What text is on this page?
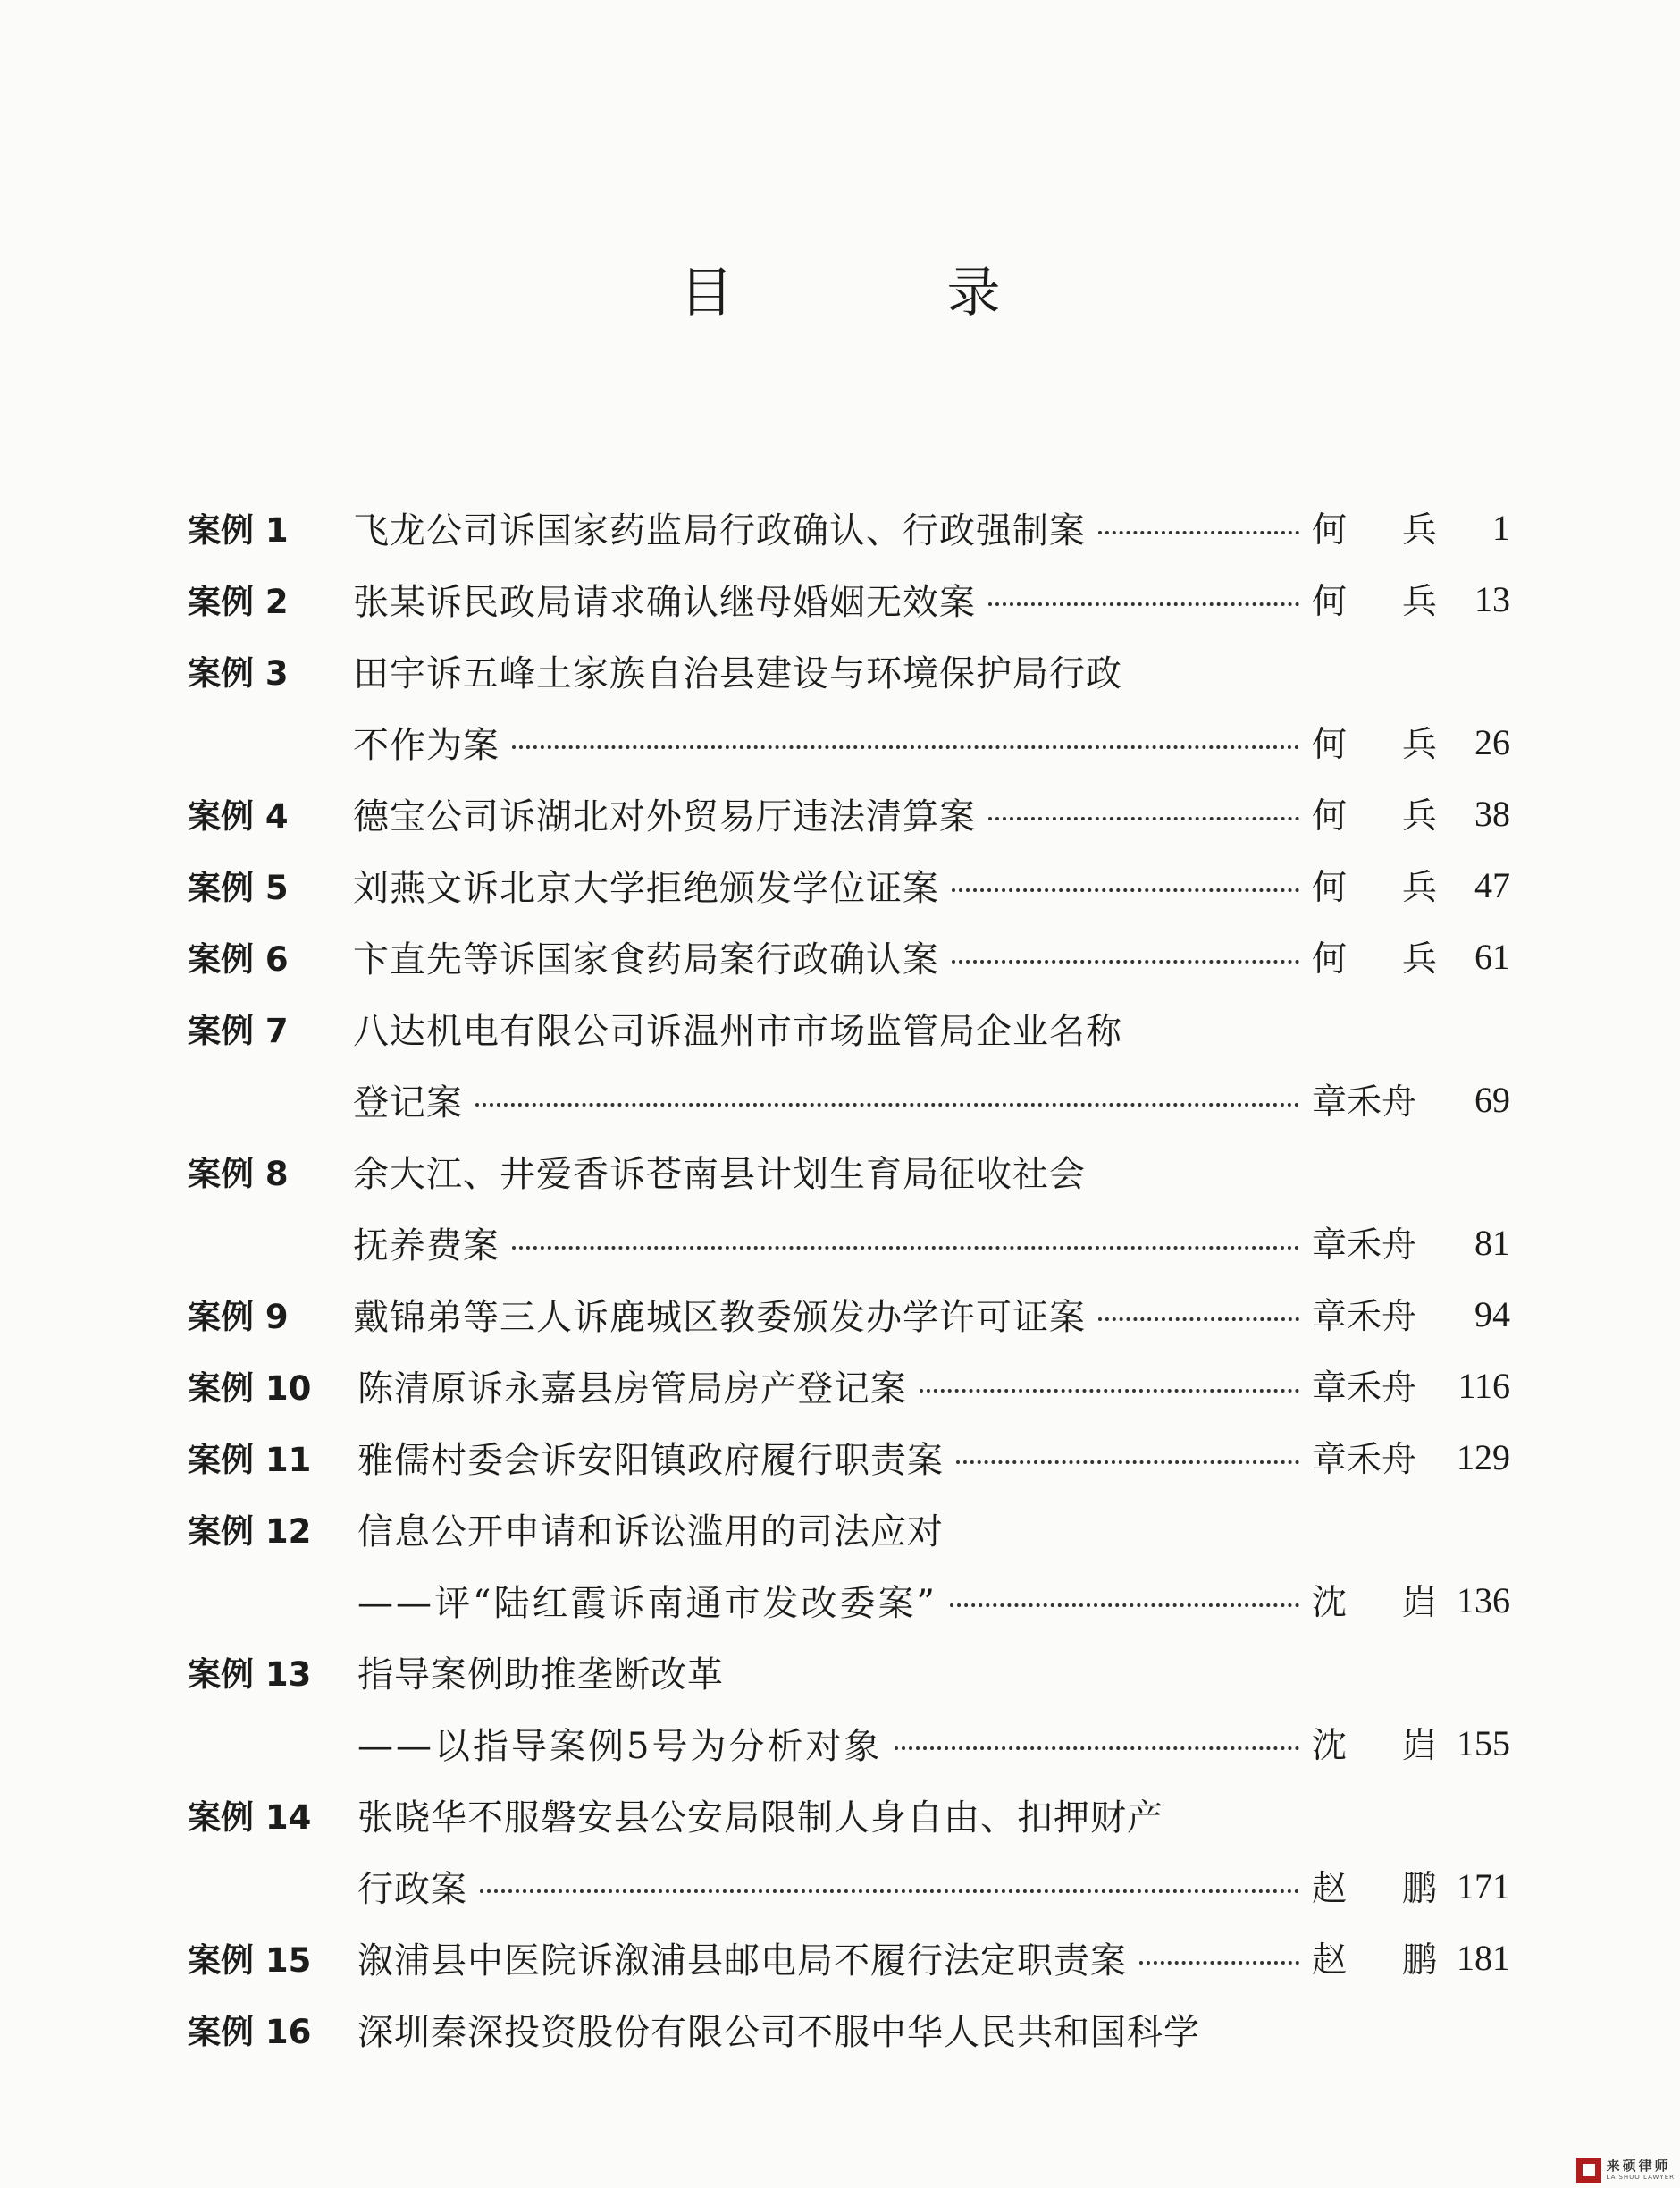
目 录
案例 1	飞龙公司诉国家药监局行政确认、行政强制案	何 兵	1
案例 2	张某诉民政局请求确认继母婚姻无效案	何 兵	13
案例 3	田宇诉五峰土家族自治县建设与环境保护局行政
不作为案	何 兵	26
案例 4	德宝公司诉湖北对外贸易厅违法清算案	何 兵	38
案例 5	刘燕文诉北京大学拒绝颁发学位证案	何 兵	47
案例 6	卞直先等诉国家食药局案行政确认案	何 兵	61
案例 7	八达机电有限公司诉温州市市场监管局企业名称
登记案	章禾舟	69
案例 8	余大江、井爱香诉苍南县计划生育局征收社会
抚养费案	章禾舟	81
案例 9	戴锦弟等三人诉鹿城区教委颁发办学许可证案	章禾舟	94
案例 10	陈清原诉永嘉县房管局房产登记案	章禾舟	116
案例 11	雅儒村委会诉安阳镇政府履行职责案	章禾舟	129
案例 12	信息公开申请和诉讼滥用的司法应对
——评“陆红霞诉南通市发改委案”	沈 岿 136
案例 13	指导案例助推垄断改革
——以指导案例5号为分析对象	沈 岿 155
案例 14	张晓华不服磐安县公安局限制人身自由、扣押财产
行政案	赵 鹏 171
案例 15	溆浦县中医院诉溆浦县邮电局不履行法定职责案	赵 鹏 181
案例 16	深圳秦深投资股份有限公司不服中华人民共和国科学
来硕律师
LAISHUO LAWYER
